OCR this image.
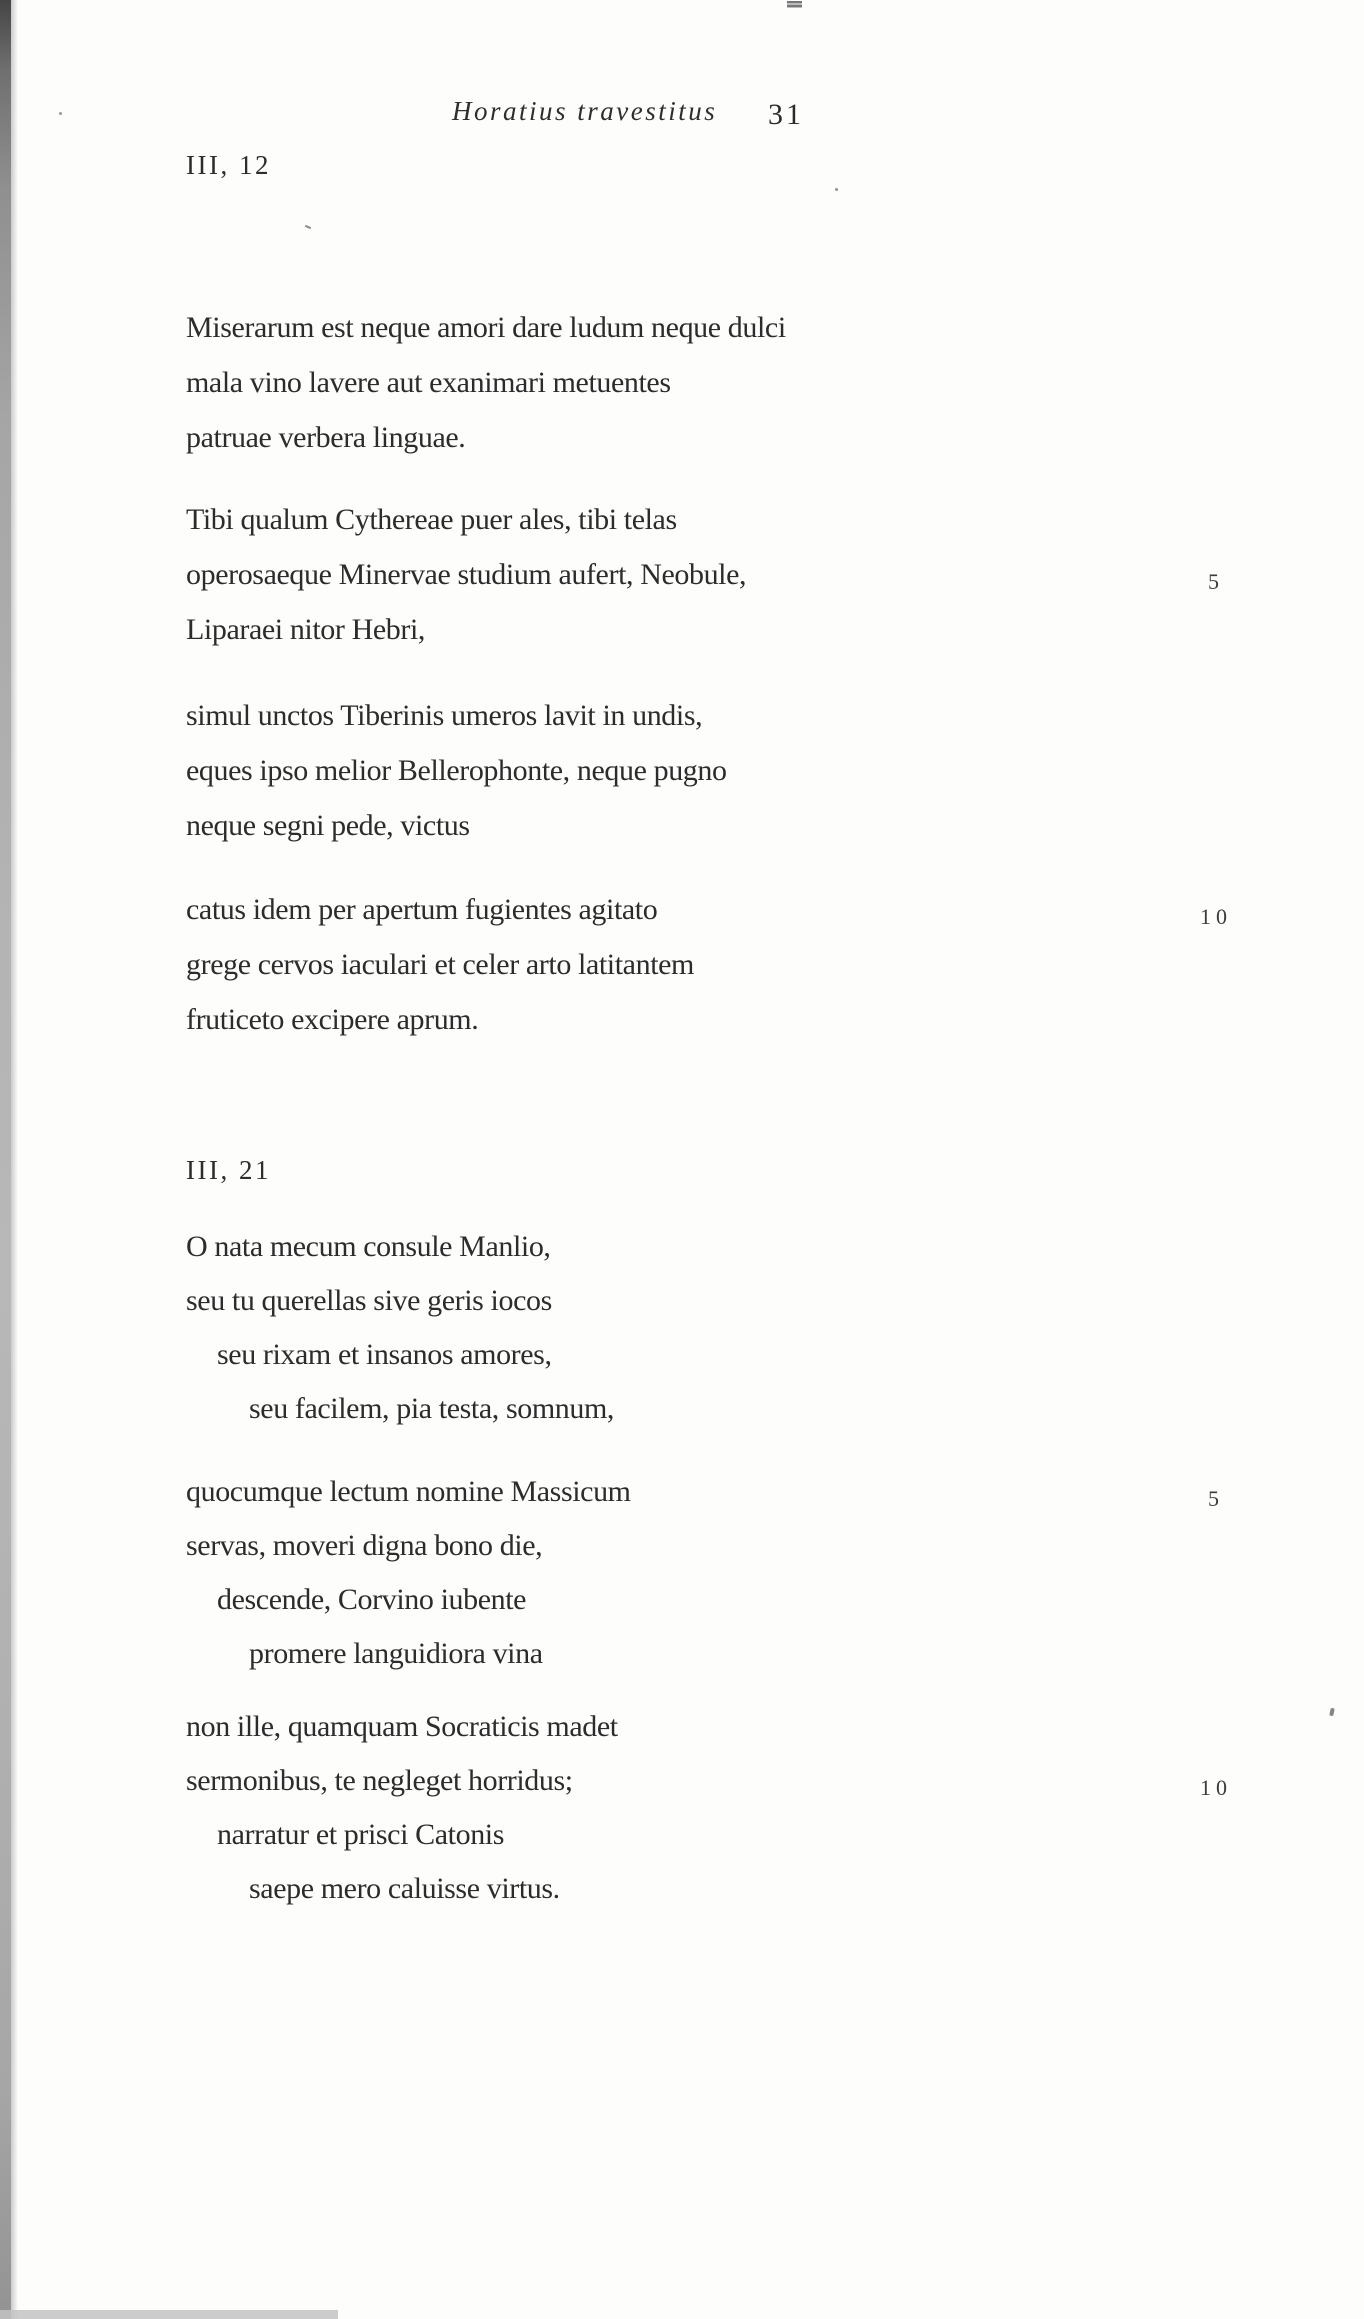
Horatius travestitus 31
III, 12
Miserarum est neque amori dare ludum neque dulci
mala vino lavere aut exanimari metuentes
patruae verbera linguae.
Tibi qualum Cythereae puer ales, tibi telas
operosaeque Minervae studium aufert, Neobule,	5
Liparaei nitor Hebri,
simul unctos Tiberinis umeros lavit in undis,
eques ipso melior Bellerophonte, neque pugno
neque segni pede, victus
catus idem per apertum fugientes agitato	10
grege cervos iaculari et celer arto latitantem
fruticeto excipere aprum.
III, 21
O nata mecum consule Manlio,
seu tu querellas sive geris iocos
seu rixam et insanos amores,
seu facilem, pia testa, somnum,
quocumque lectum nomine Massicum	5
servas, moveri digna bono die,
descende, Corvino iubente
promere languidiora vina
non ille, quamquam Socraticis madet
sermonibus, te negleget horridus;	10
narratur et prisci Catonis
saepe mero caluisse virtus.
